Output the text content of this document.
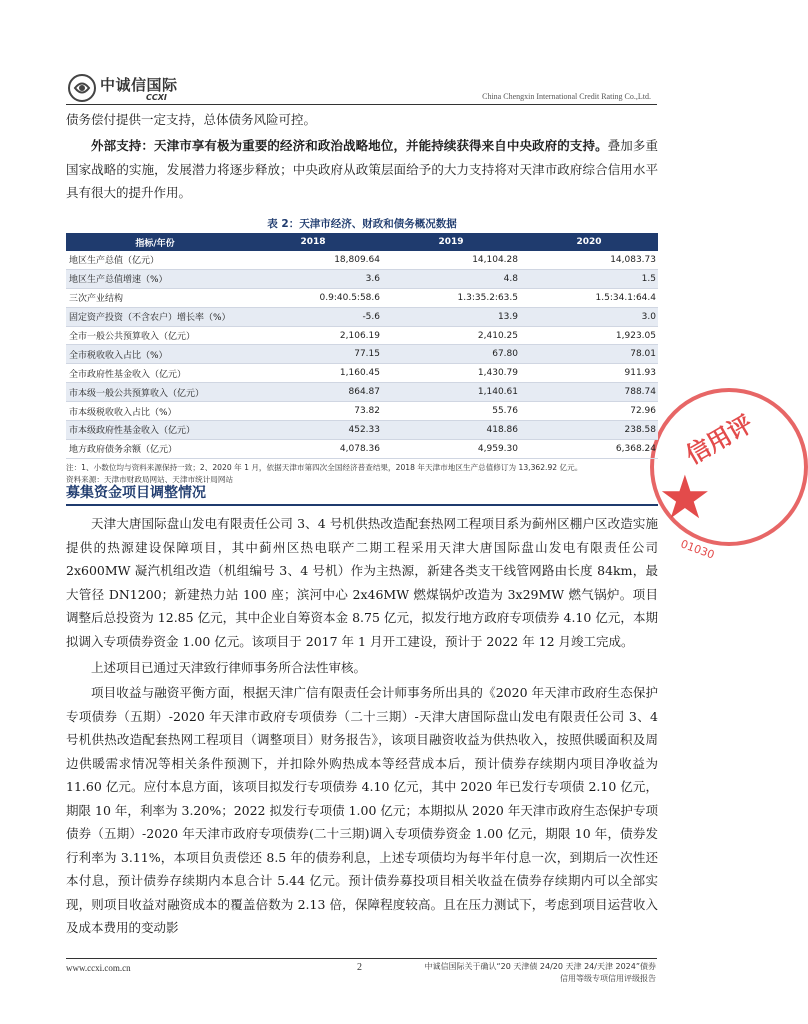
中诚信国际
CCXI	China Chengxin International Credit Rating Co.,Ltd.
★
信用评
01030

债务偿付提供一定支持，总体债务风险可控。

外部支持：天津市享有极为重要的经济和政治战略地位，并能持续获得来自中央政府的支持。叠加多重国家战略的实施，发展潜力将逐步释放；中央政府从政策层面给予的大力支持将对天津市政府综合信用水平具有很大的提升作用。

表 2：天津市经济、财政和债务概况数据
指标/年份	2018	2019	2020
地区生产总值（亿元）	18,809.64	14,104.28	14,083.73
地区生产总值增速（%）	3.6	4.8	1.5
三次产业结构	0.9:40.5:58.6	1.3:35.2:63.5	1.5:34.1:64.4
固定资产投资（不含农户）增长率（%）	-5.6	13.9	3.0
全市一般公共预算收入（亿元）	2,106.19	2,410.25	1,923.05
全市税收收入占比（%）	77.15	67.80	78.01
全市政府性基金收入（亿元）	1,160.45	1,430.79	911.93
市本级一般公共预算收入（亿元）	864.87	1,140.61	788.74
市本级税收收入占比（%）	73.82	55.76	72.96
市本级政府性基金收入（亿元）	452.33	418.86	238.58
地方政府债务余额（亿元）	4,078.36	4,959.30	6,368.24
注：1、小数位均与资料来源保持一致；2、2020 年 1 月，依据天津市第四次全国经济普查结果，2018 年天津市地区生产总值修订为 13,362.92 亿元。
资料来源：天津市财政局网站、天津市统计局网站
募集资金项目调整情况

天津大唐国际盘山发电有限责任公司 3、4 号机供热改造配套热网工程项目系为蓟州区棚户区改造实施提供的热源建设保障项目，其中蓟州区热电联产二期工程采用天津大唐国际盘山发电有限责任公司 2x600MW 凝汽机组改造（机组编号 3、4 号机）作为主热源，新建各类支干线管网路由长度 84km，最大管径 DN1200；新建热力站 100 座；滨河中心 2x46MW 燃煤锅炉改造为 3x29MW 燃气锅炉。项目调整后总投资为 12.85 亿元，其中企业自筹资本金 8.75 亿元，拟发行地方政府专项债券 4.10 亿元，本期拟调入专项债券资金 1.00 亿元。该项目于 2017 年 1 月开工建设，预计于 2022 年 12 月竣工完成。

上述项目已通过天津致行律师事务所合法性审核。

项目收益与融资平衡方面，根据天津广信有限责任会计师事务所出具的《2020 年天津市政府生态保护专项债券（五期）-2020 年天津市政府专项债券（二十三期）-天津大唐国际盘山发电有限责任公司 3、4 号机供热改造配套热网工程项目（调整项目）财务报告》，该项目融资收益为供热收入，按照供暖面积及周边供暖需求情况等相关条件预测下，并扣除外购热成本等经营成本后，预计债券存续期内项目净收益为 11.60 亿元。应付本息方面，该项目拟发行专项债券 4.10 亿元，其中 2020 年已发行专项债 2.10 亿元，期限 10 年，利率为 3.20%；2022 拟发行专项债 1.00 亿元；本期拟从 2020 年天津市政府生态保护专项债券（五期）-2020 年天津市政府专项债券(二十三期)调入专项债券资金 1.00 亿元，期限 10 年，债券发行利率为 3.11%，本项目负责偿还 8.5 年的债券利息，上述专项债均为每半年付息一次，到期后一次性还本付息，预计债券存续期内本息合计 5.44 亿元。预计债券募投项目相关收益在债券存续期内可以全部实现，则项目收益对融资成本的覆盖倍数为 2.13 倍，保障程度较高。且在压力测试下，考虑到项目运营收入及成本费用的变动影

www.ccxi.com.cn	2	中诚信国际关于确认“20 天津债 24/20 天津 24/天津 2024”债券
信用等级专项信用评级报告
